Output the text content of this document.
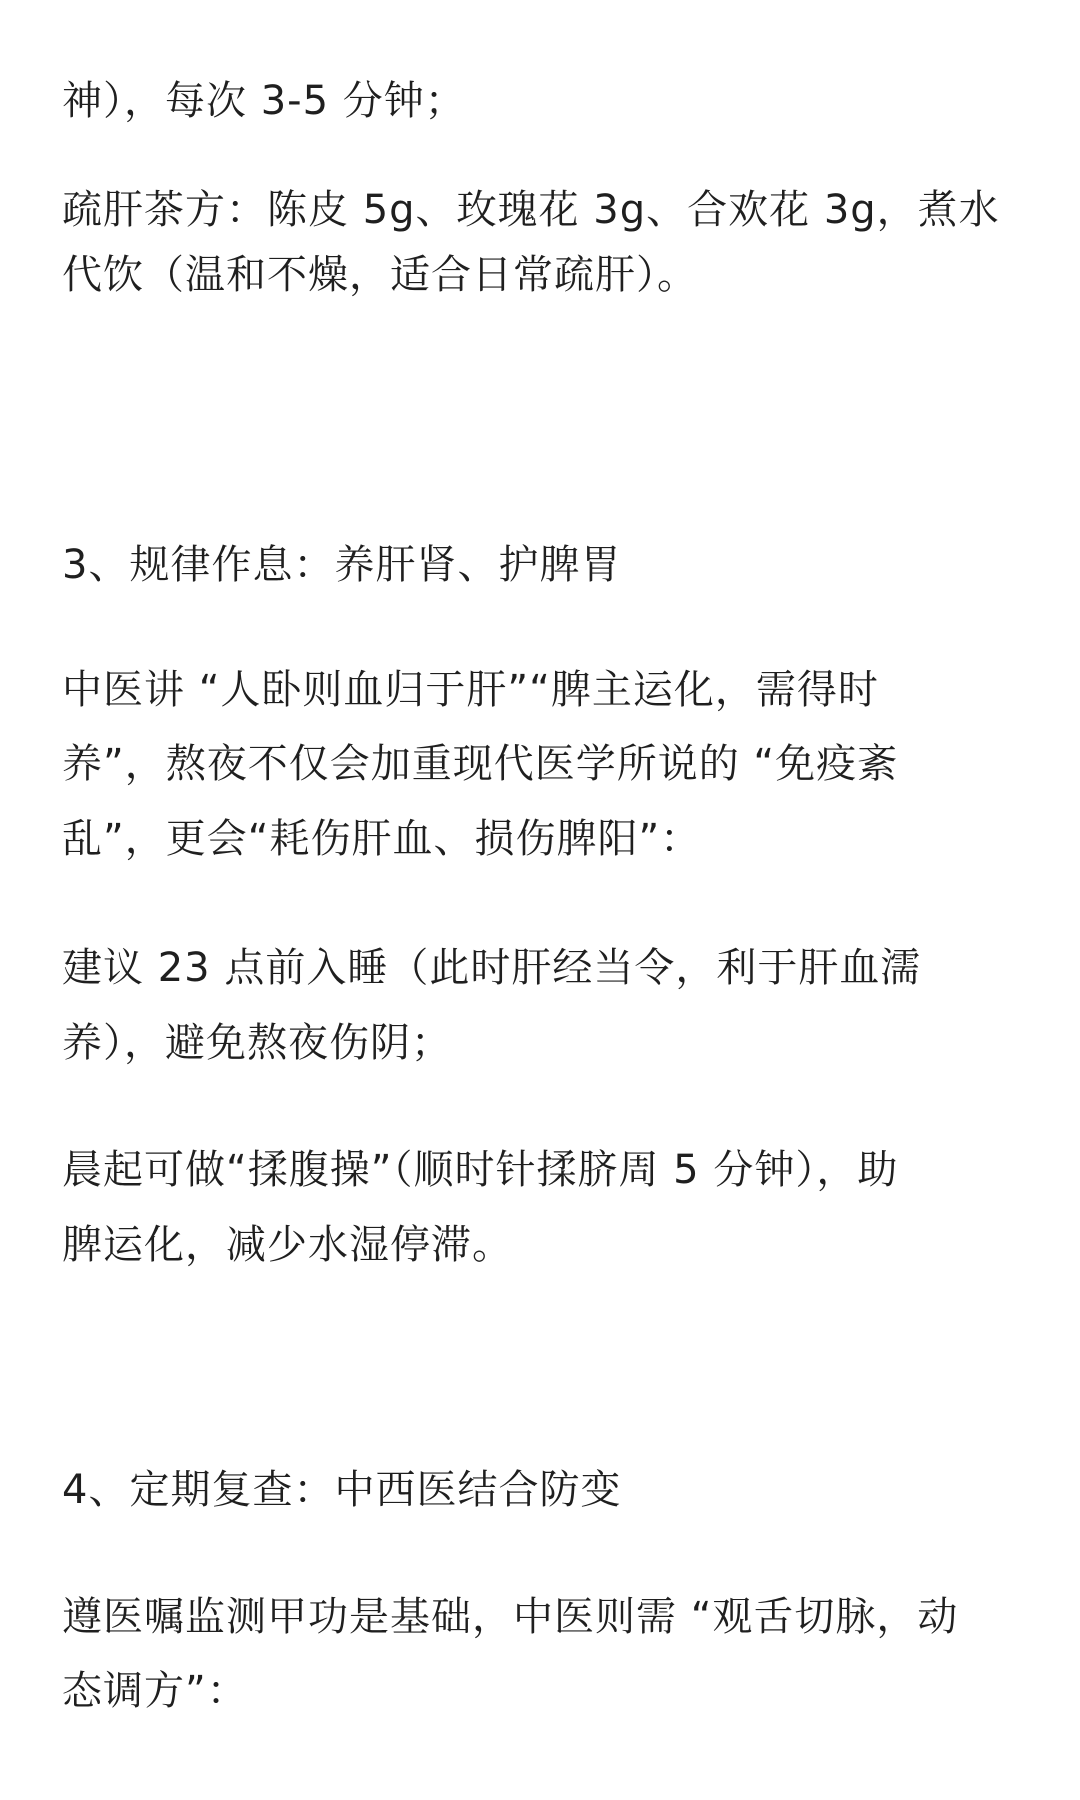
神），每次 3-5 分钟；
疏肝茶方：陈皮 5g、玫瑰花 3g、合欢花 3g，煮水
代饮（温和不燥，适合日常疏肝）。
3、规律作息：养肝肾、护脾胃
中医讲 “人卧则血归于肝”“脾主运化，需得时
养”，熬夜不仅会加重现代医学所说的 “免疫紊
乱”，更会“耗伤肝血、损伤脾阳”：
建议 23 点前入睡（此时肝经当令，利于肝血濡
养），避免熬夜伤阴；
晨起可做“揉腹操”（顺时针揉脐周 5 分钟），助
脾运化，减少水湿停滞。
4、定期复查：中西医结合防变
遵医嘱监测甲功是基础，中医则需 “观舌切脉，动
态调方”：
